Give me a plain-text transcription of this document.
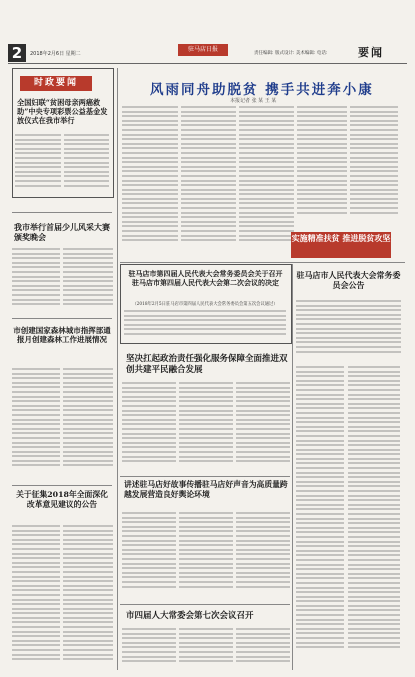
2	2018年2月6日 星期二
驻马店日报
责任编辑: 版式设计: 美术编辑: 电话:	要闻
时政要闻
全国妇联“贫困母亲两癌救助”中央专项彩票公益基金发放仪式在我市举行
我市举行首届少儿风采大赛颁奖晚会
市创建国家森林城市指挥部通报月创建森林工作进展情况
关于征集2018年全面深化改革意见建议的公告
风雨同舟助脱贫 携手共进奔小康
本报记者 张 某 王 某
实施精准扶贫 推进脱贫攻坚
驻马店市第四届人民代表大会常务委员会关于召开驻马店市第四届人民代表大会第二次会议的决定
（2018年2月5日驻马店市第四届人民代表大会常务委员会第五次会议通过）
驻马店市人民代表大会常务委员会公告
坚决扛起政治责任强化服务保障全面推进双创共建平民融合发展
讲述驻马店好故事传播驻马店好声音为高质量跨越发展营造良好舆论环境
市四届人大常委会第七次会议召开
